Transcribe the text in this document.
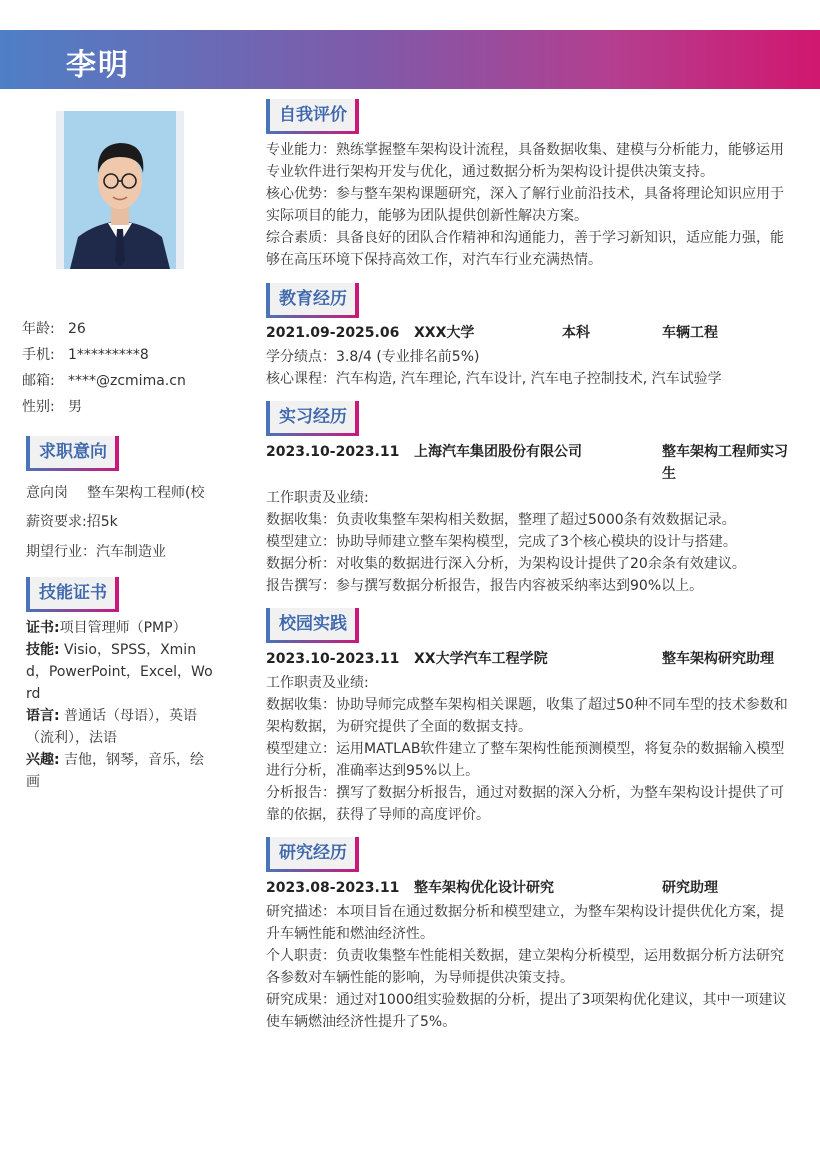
李明
年龄: 26
手机: 1*********8
邮箱: ****@zcmima.cn
性别: 男
求职意向
意向岗 整车架构工程师(校
薪资要求:招5k
期望行业：汽车制造业
技能证书
证书:项目管理师（PMP）
技能: Visio，SPSS，Xmind，PowerPoint，Excel，Word
语言: 普通话（母语），英语（流利），法语
兴趣: 吉他，钢琴，音乐，绘画
自我评价

专业能力：熟练掌握整车架构设计流程，具备数据收集、建模与分析能力，能够运用专业软件进行架构开发与优化，通过数据分析为架构设计提供决策支持。

核心优势：参与整车架构课题研究，深入了解行业前沿技术，具备将理论知识应用于实际项目的能力，能够为团队提供创新性解决方案。

综合素质：具备良好的团队合作精神和沟通能力，善于学习新知识，适应能力强，能够在高压环境下保持高效工作，对汽车行业充满热情。

教育经历
2021.09-2025.06 XXX大学	本科	车辆工程

学分绩点：3.8/4 (专业排名前5%)

核心课程：汽车构造, 汽车理论, 汽车设计, 汽车电子控制技术, 汽车试验学

实习经历
2023.10-2023.11 上海汽车集团股份有限公司	整车架构工程师实习生

工作职责及业绩:

数据收集：负责收集整车架构相关数据，整理了超过5000条有效数据记录。

模型建立：协助导师建立整车架构模型，完成了3个核心模块的设计与搭建。

数据分析：对收集的数据进行深入分析，为架构设计提供了20余条有效建议。

报告撰写：参与撰写数据分析报告，报告内容被采纳率达到90%以上。

校园实践
2023.10-2023.11 XX大学汽车工程学院	整车架构研究助理

工作职责及业绩:

数据收集：协助导师完成整车架构相关课题，收集了超过50种不同车型的技术参数和架构数据，为研究提供了全面的数据支持。

模型建立：运用MATLAB软件建立了整车架构性能预测模型，将复杂的数据输入模型进行分析，准确率达到95%以上。

分析报告：撰写了数据分析报告，通过对数据的深入分析，为整车架构设计提供了可靠的依据，获得了导师的高度评价。

研究经历
2023.08-2023.11 整车架构优化设计研究	研究助理

研究描述：本项目旨在通过数据分析和模型建立，为整车架构设计提供优化方案，提升车辆性能和燃油经济性。

个人职责：负责收集整车性能相关数据，建立架构分析模型，运用数据分析方法研究各参数对车辆性能的影响，为导师提供决策支持。

研究成果：通过对1000组实验数据的分析，提出了3项架构优化建议，其中一项建议使车辆燃油经济性提升了5%。
